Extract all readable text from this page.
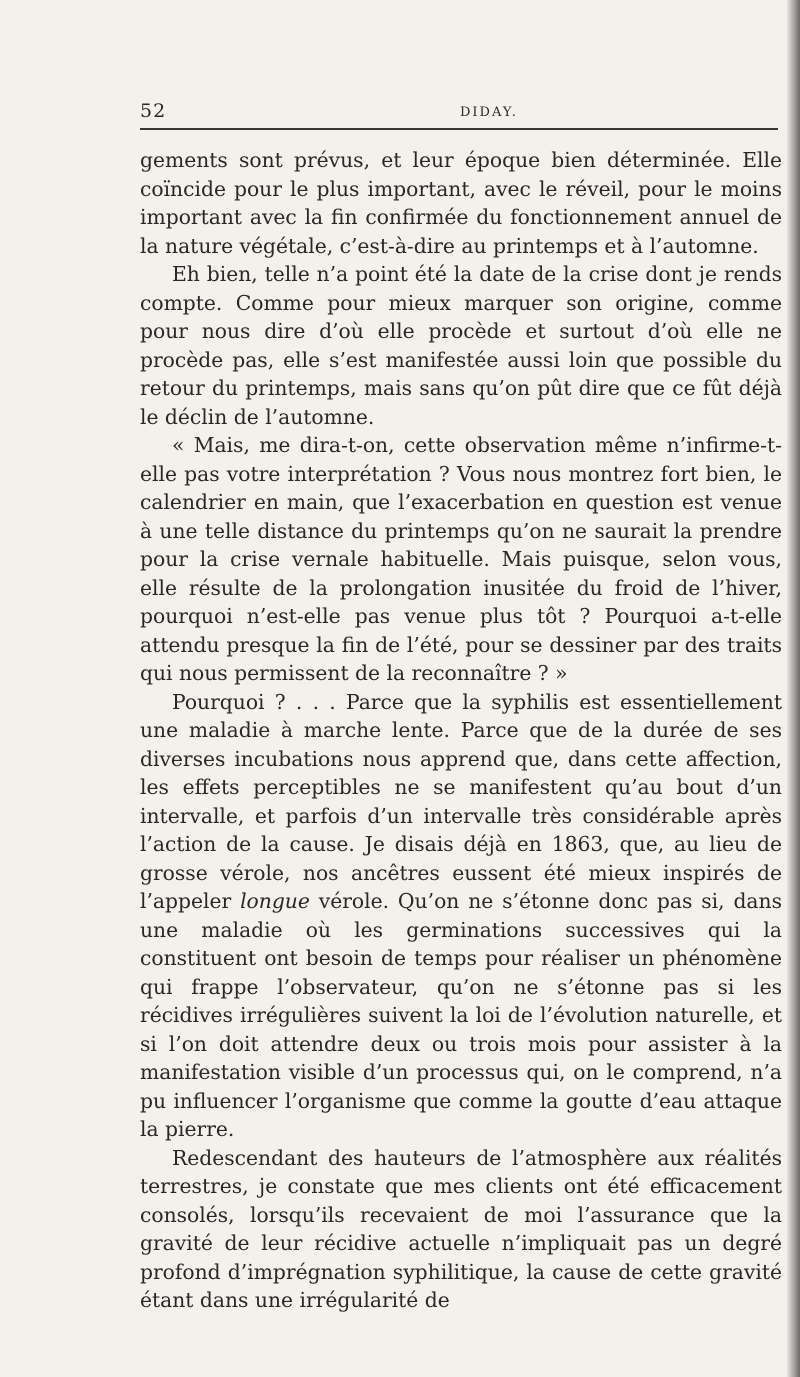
52	DIDAY.

gements sont prévus, et leur époque bien déterminée. Elle coïncide pour le plus important, avec le réveil, pour le moins important avec la fin confirmée du fonctionnement annuel de la nature végétale, c’est-à-dire au printemps et à l’automne.

Eh bien, telle n’a point été la date de la crise dont je rends compte. Comme pour mieux marquer son origine, comme pour nous dire d’où elle procède et surtout d’où elle ne procède pas, elle s’est manifestée aussi loin que possible du retour du printemps, mais sans qu’on pût dire que ce fût déjà le déclin de l’automne.

« Mais, me dira-t-on, cette observation même n’infirme-t-elle pas votre interprétation ? Vous nous montrez fort bien, le calendrier en main, que l’exacerbation en question est venue à une telle distance du printemps qu’on ne saurait la prendre pour la crise vernale habituelle. Mais puisque, selon vous, elle résulte de la prolongation inusitée du froid de l’hiver, pourquoi n’est-elle pas venue plus tôt ? Pourquoi a-t-elle attendu presque la fin de l’été, pour se dessiner par des traits qui nous permissent de la reconnaître ? »

Pourquoi ? . . . Parce que la syphilis est essentiellement une maladie à marche lente. Parce que de la durée de ses diverses incubations nous apprend que, dans cette affection, les effets perceptibles ne se manifestent qu’au bout d’un intervalle, et parfois d’un intervalle très considérable après l’action de la cause. Je disais déjà en 1863, que, au lieu de grosse vérole, nos ancêtres eussent été mieux inspirés de l’appeler longue vérole. Qu’on ne s’étonne donc pas si, dans une maladie où les germinations successives qui la constituent ont besoin de temps pour réaliser un phénomène qui frappe l’observateur, qu’on ne s’étonne pas si les récidives irrégulières suivent la loi de l’évolution naturelle, et si l’on doit attendre deux ou trois mois pour assister à la manifestation visible d’un processus qui, on le comprend, n’a pu influencer l’organisme que comme la goutte d’eau attaque la pierre.

Redescendant des hauteurs de l’atmosphère aux réalités terrestres, je constate que mes clients ont été efficacement consolés, lorsqu’ils recevaient de moi l’assurance que la gravité de leur récidive actuelle n’impliquait pas un degré profond d’imprégnation syphilitique, la cause de cette gravité étant dans une irrégularité de
